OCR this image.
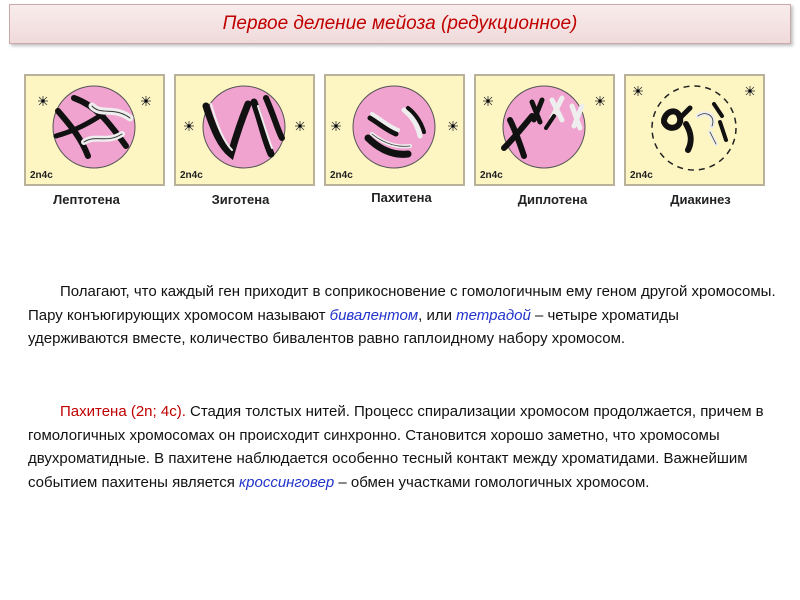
Первое деление мейоза (редукционное)
2n4c	2n4c	2n4c	2n4c	2n4c
Лептотена	Зиготена	Пахитена	Диплотена	Диакинез

Полагают, что каждый ген приходит в соприкосновение с гомологичным ему геном другой хромосомы. Пару конъюгирующих хромосом называют бивалентом, или тетрадой – четыре хроматиды удерживаются вместе, количество бивалентов равно гаплоидному набору хромосом.

Пахитена (2n; 4c). Стадия толстых нитей. Процесс спирализации хромосом продолжается, причем в гомологичных хромосомах он происходит синхронно. Становится хорошо заметно, что хромосомы двухроматидные. В пахитене наблюдается особенно тесный контакт между хроматидами. Важнейшим событием пахитены является кроссинговер – обмен участками гомологичных хромосом.
